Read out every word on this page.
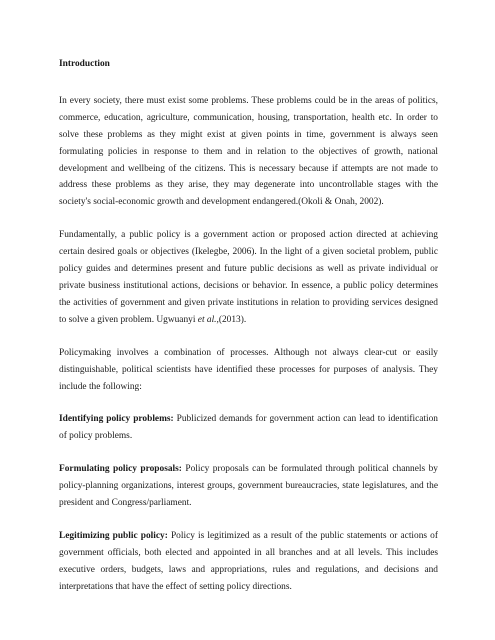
Introduction

In every society, there must exist some problems. These problems could be in the areas of politics, commerce, education, agriculture, communication, housing, transportation, health etc. In order to solve these problems as they might exist at given points in time, government is always seen formulating policies in response to them and in relation to the objectives of growth, national development and wellbeing of the citizens. This is necessary because if attempts are not made to address these problems as they arise, they may degenerate into uncontrollable stages with the society's social-economic growth and development endangered.(Okoli & Onah, 2002).

Fundamentally, a public policy is a government action or proposed action directed at achieving certain desired goals or objectives (Ikelegbe, 2006). In the light of a given societal problem, public policy guides and determines present and future public decisions as well as private individual or private business institutional actions, decisions or behavior. In essence, a public policy determines the activities of government and given private institutions in relation to providing services designed to solve a given problem. Ugwuanyi et al.,(2013).

Policymaking involves a combination of processes. Although not always clear-cut or easily distinguishable, political scientists have identified these processes for purposes of analysis. They include the following:

Identifying policy problems: Publicized demands for government action can lead to identification of policy problems.

Formulating policy proposals: Policy proposals can be formulated through political channels by policy-planning organizations, interest groups, government bureaucracies, state legislatures, and the president and Congress/parliament.

Legitimizing public policy: Policy is legitimized as a result of the public statements or actions of government officials, both elected and appointed in all branches and at all levels. This includes executive orders, budgets, laws and appropriations, rules and regulations, and decisions and interpretations that have the effect of setting policy directions.
